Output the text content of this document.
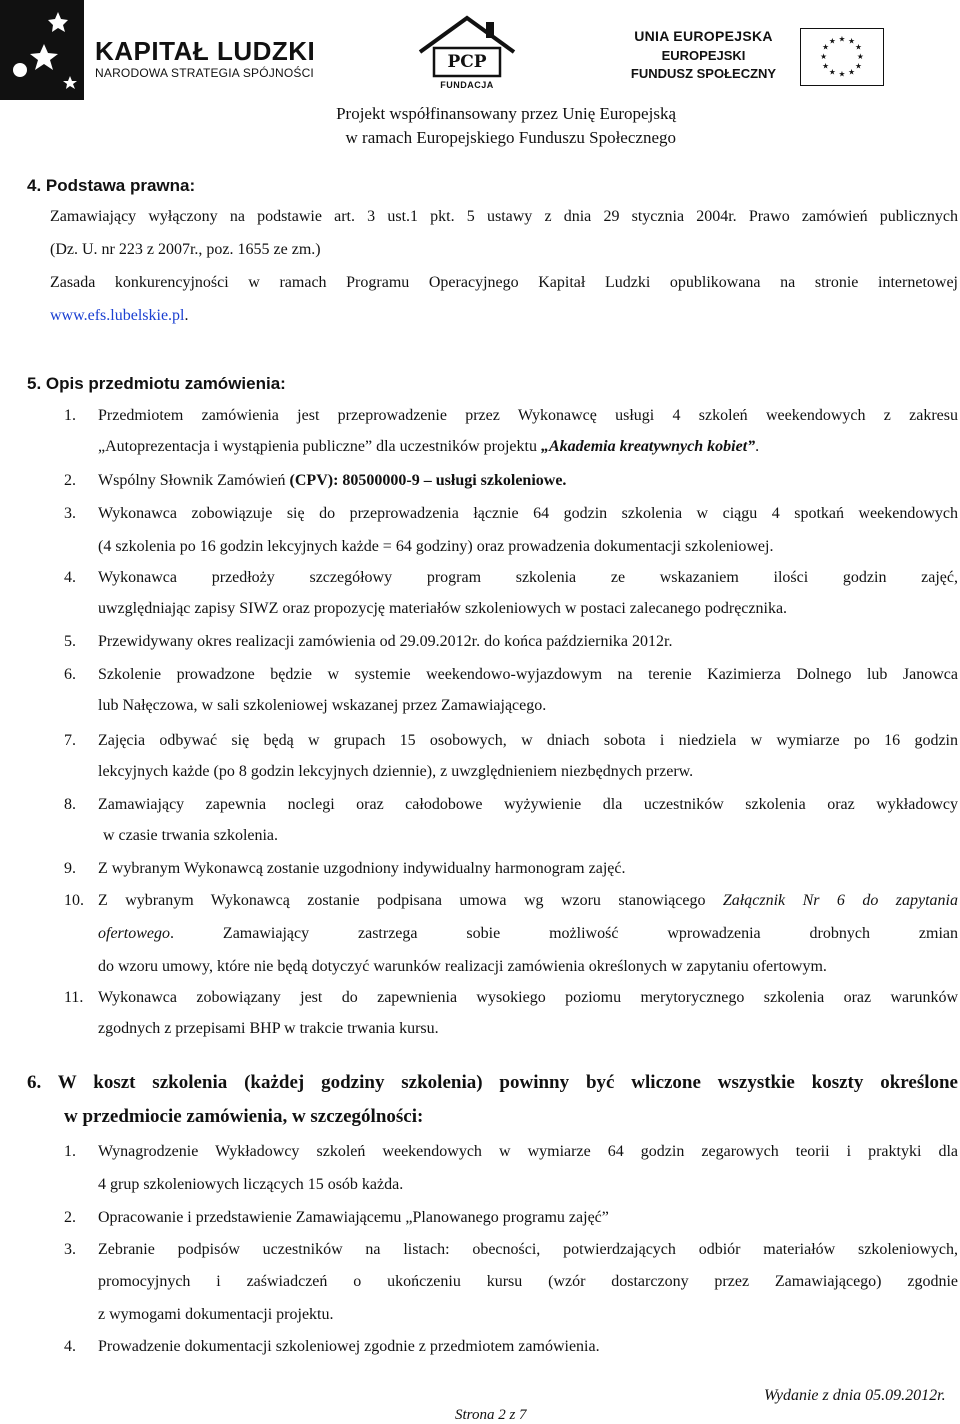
KAPITAŁ LUDZKI
NARODOWA STRATEGIA SPÓJNOŚCI
PCP
FUNDACJA
UNIA EUROPEJSKA
EUROPEJSKI
FUNDUSZ SPOŁECZNY
★ ★
★
★
★
★
★
★
★
★
★
★
Projekt współfinansowany przez Unię Europejską
w ramach Europejskiego Funduszu Społecznego
4. Podstawa prawna:
Zamawiający wyłączony na podstawie art. 3 ust.1 pkt. 5 ustawy z dnia 29 stycznia 2004r. Prawo zamówień publicznych
(Dz. U. nr 223 z 2007r., poz. 1655 ze zm.)
Zasada konkurencyjności w ramach Programu Operacyjnego Kapitał Ludzki opublikowana na stronie internetowej
www.efs.lubelskie.pl.
5. Opis przedmiotu zamówienia:
1. Przedmiotem zamówienia jest przeprowadzenie przez Wykonawcę usługi 4 szkoleń weekendowych z zakresu
„Autoprezentacja i wystąpienia publiczne” dla uczestników projektu „Akademia kreatywnych kobiet”.
2. Wspólny Słownik Zamówień (CPV): 80500000-9 – usługi szkoleniowe.
3. Wykonawca zobowiązuje się do przeprowadzenia łącznie 64 godzin szkolenia w ciągu 4 spotkań weekendowych
(4 szkolenia po 16 godzin lekcyjnych każde = 64 godziny) oraz prowadzenia dokumentacji szkoleniowej.
4. Wykonawca przedłoży szczegółowy program szkolenia ze wskazaniem ilości godzin zajęć,
uwzględniając zapisy SIWZ oraz propozycję materiałów szkoleniowych w postaci zalecanego podręcznika.
5. Przewidywany okres realizacji zamówienia od 29.09.2012r. do końca października 2012r.
6. Szkolenie prowadzone będzie w systemie weekendowo-wyjazdowym na terenie Kazimierza Dolnego lub Janowca
lub Nałęczowa, w sali szkoleniowej wskazanej przez Zamawiającego.
7. Zajęcia odbywać się będą w grupach 15 osobowych, w dniach sobota i niedziela w wymiarze po 16 godzin
lekcyjnych każde (po 8 godzin lekcyjnych dziennie), z uwzględnieniem niezbędnych przerw.
8. Zamawiający zapewnia noclegi oraz całodobowe wyżywienie dla uczestników szkolenia oraz wykładowcy
w czasie trwania szkolenia.
9. Z wybranym Wykonawcą zostanie uzgodniony indywidualny harmonogram zajęć.
10. Z wybranym Wykonawcą zostanie podpisana umowa wg wzoru stanowiącego Załącznik Nr 6 do zapytania
ofertowego. Zamawiający zastrzega sobie możliwość wprowadzenia drobnych zmian
do wzoru umowy, które nie będą dotyczyć warunków realizacji zamówienia określonych w zapytaniu ofertowym.
11. Wykonawca zobowiązany jest do zapewnienia wysokiego poziomu merytorycznego szkolenia oraz warunków
zgodnych z przepisami BHP w trakcie trwania kursu.
6. W koszt szkolenia (każdej godziny szkolenia) powinny być wliczone wszystkie koszty określone
w przedmiocie zamówienia, w szczególności:
1. Wynagrodzenie Wykładowcy szkoleń weekendowych w wymiarze 64 godzin zegarowych teorii i praktyki dla
4 grup szkoleniowych liczących 15 osób każda.
2. Opracowanie i przedstawienie Zamawiającemu „Planowanego programu zajęć”
3. Zebranie podpisów uczestników na listach: obecności, potwierdzających odbiór materiałów szkoleniowych,
promocyjnych i zaświadczeń o ukończeniu kursu (wzór dostarczony przez Zamawiającego) zgodnie
z wymogami dokumentacji projektu.
4. Prowadzenie dokumentacji szkoleniowej zgodnie z przedmiotem zamówienia.
Wydanie z dnia 05.09.2012r.
Strona 2 z 7
